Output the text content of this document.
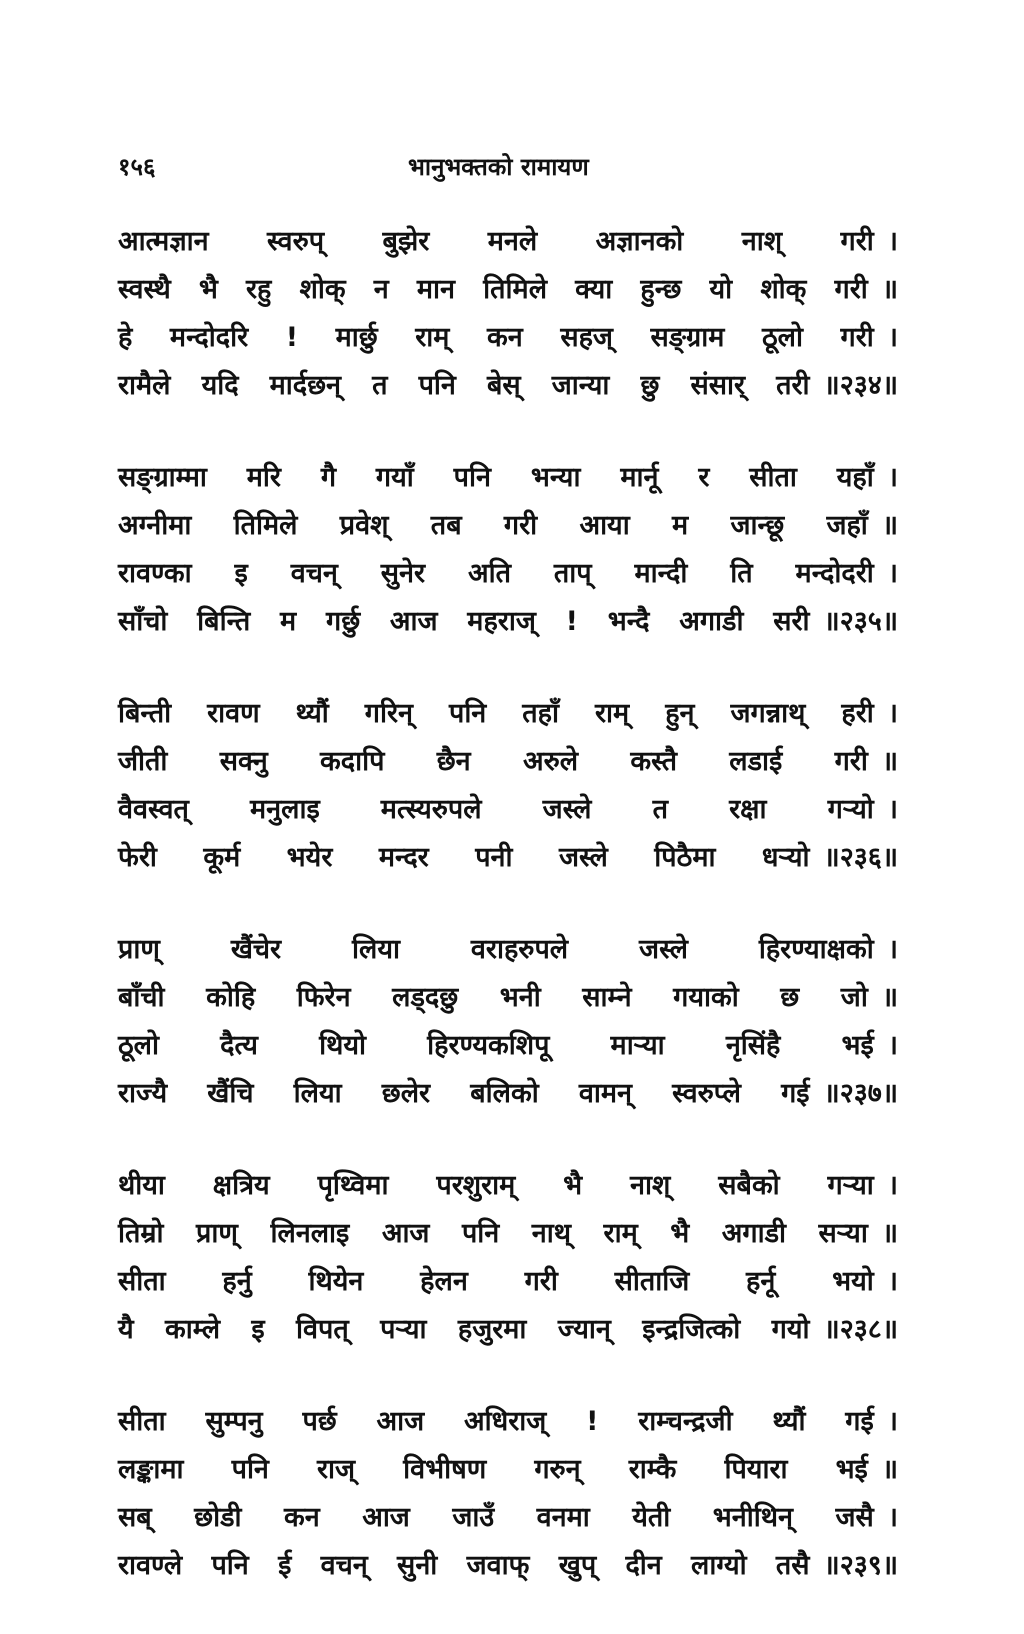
१५६	भानुभक्तको रामायण
आत्मज्ञान स्वरुप् बुझेर मनले अज्ञानको नाश् गरी ।
स्वस्थै भै रहु शोक् न मान तिमिले क्या हुन्छ यो शोक् गरी ॥
हे मन्दोदरि ! मार्छु राम् कन सहज् सङ्ग्राम ठूलो गरी ।
रामैले यदि मार्दछन् त पनि बेस् जान्या छु संसार् तरी ॥२३४॥
सङ्ग्राम्मा मरि गै गयाँ पनि भन्या मार्नू र सीता यहाँ ।
अग्नीमा तिमिले प्रवेश् तब गरी आया म जान्छू जहाँ ॥
रावण्का इ वचन् सुनेर अति ताप् मान्दी ति मन्दोदरी ।
साँचो बिन्ति म गर्छु आज महराज् ! भन्दै अगाडी सरी ॥२३५॥
बिन्ती रावण थ्यौं गरिन् पनि तहाँ राम् हुन् जगन्नाथ् हरी ।
जीती सक्नु कदापि छैन अरुले कस्तै लडाई गरी ॥
वैवस्वत् मनुलाइ मत्स्यरुपले जस्ले त रक्षा गऱ्यो ।
फेरी कूर्म भयेर मन्दर पनी जस्ले पिठैमा धऱ्यो ॥२३६॥
प्राण् खैंचेर लिया वराहरुपले जस्ले हिरण्याक्षको ।
बाँची कोहि फिरेन लड्दछु भनी साम्ने गयाको छ जो ॥
ठूलो दैत्य थियो हिरण्यकशिपू मार्‍या नृसिंहै भई ।
राज्यै खैंचि लिया छलेर बलिको वामन् स्वरुप्ले गई ॥२३७॥
थीया क्षत्रिय पृथ्विमा परशुराम् भै नाश् सबैको गऱ्या ।
तिम्रो प्राण् लिनलाइ आज पनि नाथ् राम् भै अगाडी सऱ्या ॥
सीता हर्नु थियेन हेलन गरी सीताजि हर्नू भयो ।
यै काम्ले इ विपत् पऱ्या हजुरमा ज्यान् इन्द्रजित्को गयो ॥२३८॥
सीता सुम्पनु पर्छ आज अधिराज् ! राम्चन्द्रजी थ्यौं गई ।
लङ्कामा पनि राज् विभीषण गरुन् राम्कै पियारा भई ॥
सब् छोडी कन आज जाउँ वनमा येती भनीथिन् जसै ।
रावण्ले पनि ई वचन् सुनी जवाफ् खुप् दीन लाग्यो तसै ॥२३९॥
